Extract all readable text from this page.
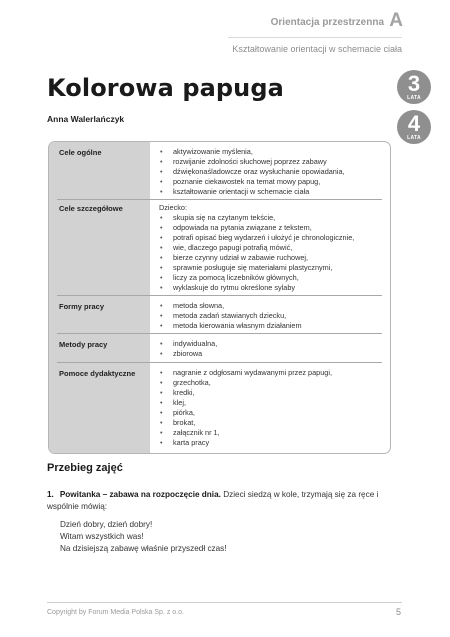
Orientacja przestrzenna A
Kształtowanie orientacji w schemacie ciała
Kolorowa papuga
Anna Walerlańczyk
3
LATA
4
LATA
Cele ogólne	• aktywizowanie myślenia,
• rozwijanie zdolności słuchowej poprzez zabawy
• dźwiękonaśladowcze oraz wysłuchanie opowiadania,
• poznanie ciekawostek na temat mowy papug,
• kształtowanie orientacji w schemacie ciała
Cele szczegółowe	Dziecko:
• skupia się na czytanym tekście,
• odpowiada na pytania związane z tekstem,
• potrafi opisać bieg wydarzeń i ułożyć je chronologicznie,
• wie, dlaczego papugi potrafią mówić,
• bierze czynny udział w zabawie ruchowej,
• sprawnie posługuje się materiałami plastycznymi,
• liczy za pomocą liczebników głównych,
• wyklaskuje do rytmu określone sylaby
Formy pracy	• metoda słowna,
• metoda zadań stawianych dziecku,
• metoda kierowania własnym działaniem
Metody pracy	• indywidualna,
• zbiorowa
Pomoce dydaktyczne	• nagranie z odgłosami wydawanymi przez papugi,
• grzechotka,
• kredki,
• klej,
• piórka,
• brokat,
• załącznik nr 1,
• karta pracy
Przebieg zajęć
1. Powitanka – zabawa na rozpoczęcie dnia. Dzieci siedzą w kole, trzymają się za ręce i wspólnie mówią:
Dzień dobry, dzień dobry!
Witam wszystkich was!
Na dzisiejszą zabawę właśnie przyszedł czas!
Copyright by Forum Media Polska Sp. z o.o.	5
